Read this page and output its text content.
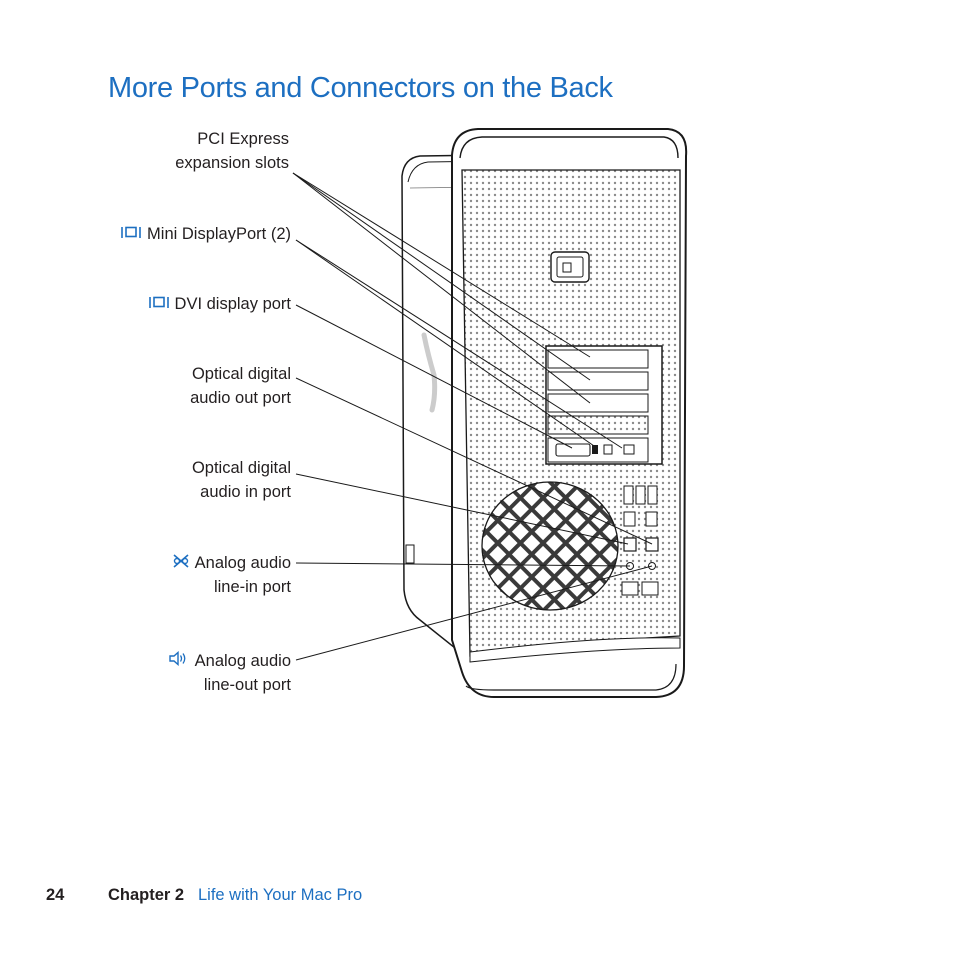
More Ports and Connectors on the Back
PCI Express
expansion slots
Mini DisplayPort (2)
DVI display port
Optical digital
audio out port
Optical digital
audio in port
Analog audio
line-in port
Analog audio
line-out port
24	Chapter 2 Life with Your Mac Pro
